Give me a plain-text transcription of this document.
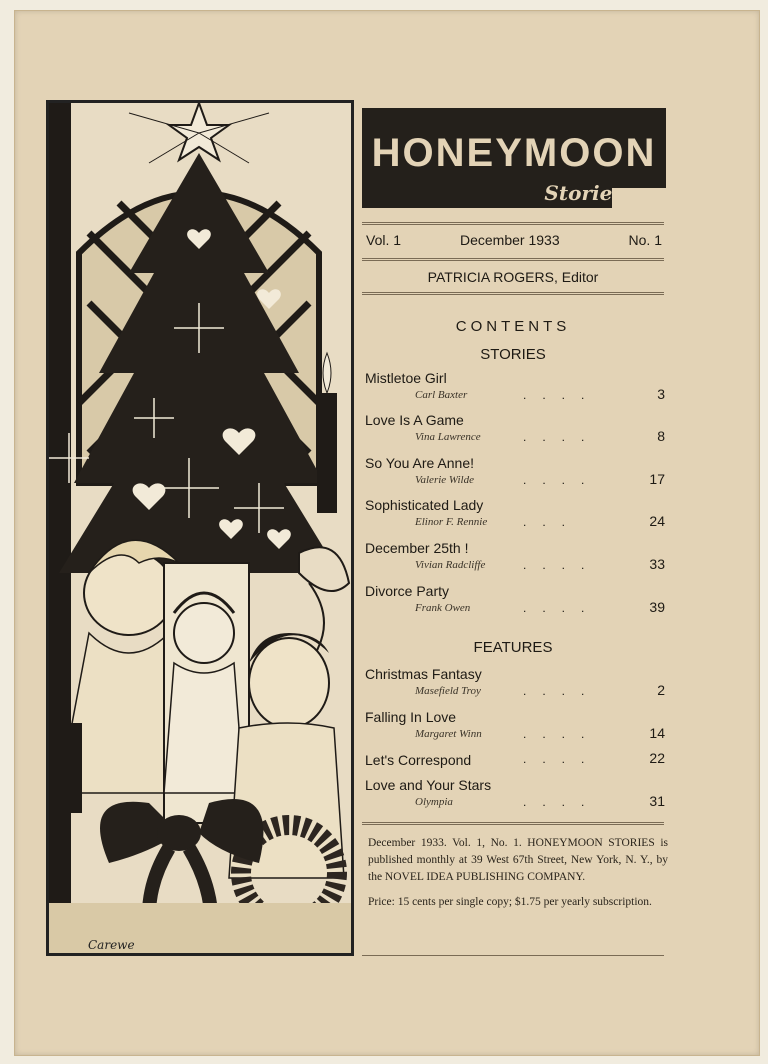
Carewe
HONEYMOON
Stories
Vol. 1	December 1933	No. 1
PATRICIA ROGERS, Editor
CONTENTS
STORIES
Mistletoe Girl
Carl Baxter	....	3
Love Is A Game
Vina Lawrence	....	8
So You Are Anne!
Valerie Wilde	....	17
Sophisticated Lady
Elinor F. Rennie	...	24
December 25th !
Vivian Radcliffe	....	33
Divorce Party
Frank Owen	....	39
FEATURES
Christmas Fantasy
Masefield Troy	....	2
Falling In Love
Margaret Winn	....	14
Let's Correspond	....	22
Love and Your Stars
Olympia	....	31

December 1933. Vol. 1, No. 1. HONEYMOON STORIES is published monthly at 39 West 67th Street, New York, N. Y., by the NOVEL IDEA PUBLISHING COMPANY.

Price: 15 cents per single copy; $1.75 per yearly subscription.
